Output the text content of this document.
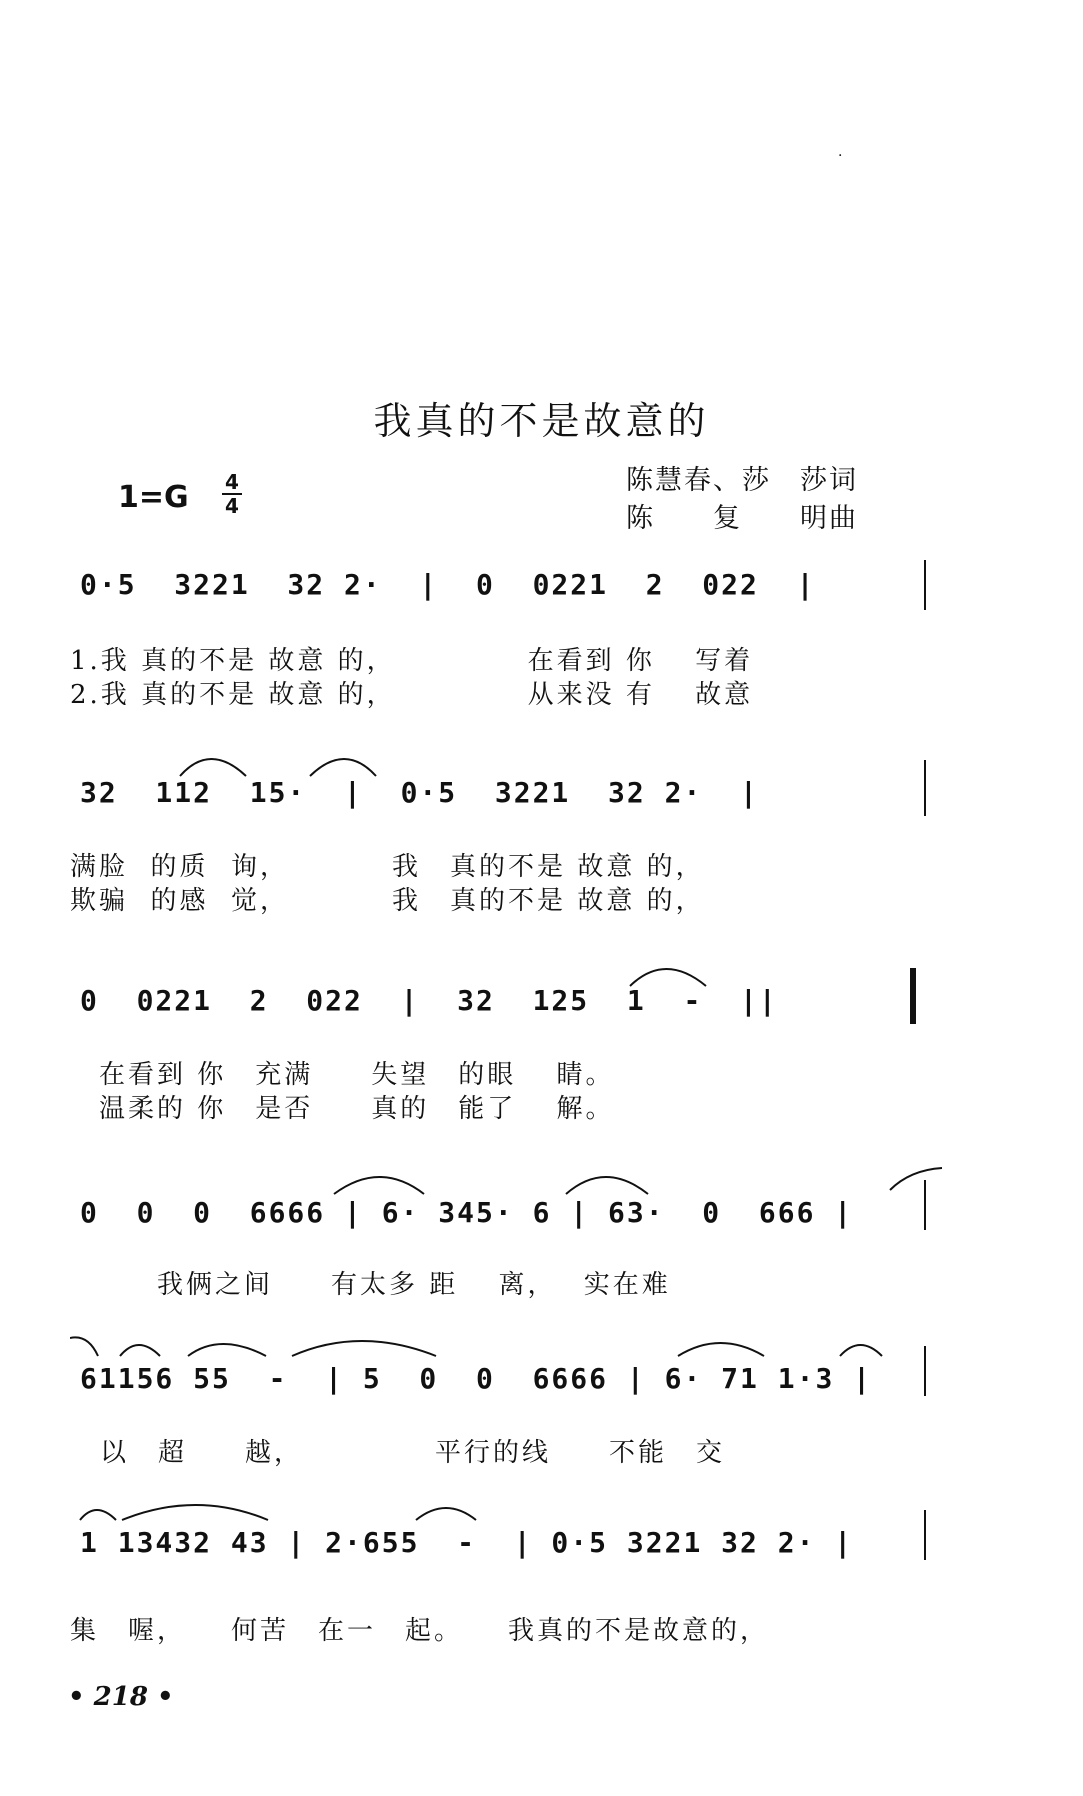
·
我真的不是故意的
1=G 4
4
陈慧春、莎　莎词
陈　　复　　明曲
0·5  3221  32 2·  |  0  0221  2  022  |
1.我 真的不是 故意 的，　　　　　在看到 你 　写着
2.我 真的不是 故意 的，　　　　　从来没 有 　故意
32  112  15·  |  0·5  3221  32 2·  |
满脸  的质  询，　　　　我　真的不是 故意 的，
欺骗  的感  觉，　　　　我　真的不是 故意 的，
0  0221  2  022  |  32  125  1  -  ||
　在看到 你　充满　　失望　的眼　 睛。
　温柔的 你　是否　　真的　能了　 解。
0  0  0  6666 | 6· 345· 6 | 63·  0  666 |
　　　我俩之间　　有太多 距　 离，　 实在难
61156 55  -  | 5  0  0  6666 | 6· 71 1·3 |
以　超　　越，　　　　　平行的线　　不能　交
1 13432 43 | 2·655  -  | 0·5 3221 32 2· |
集　喔，　　何苦　在一　起。　　我真的不是故意的，
• 218 •
